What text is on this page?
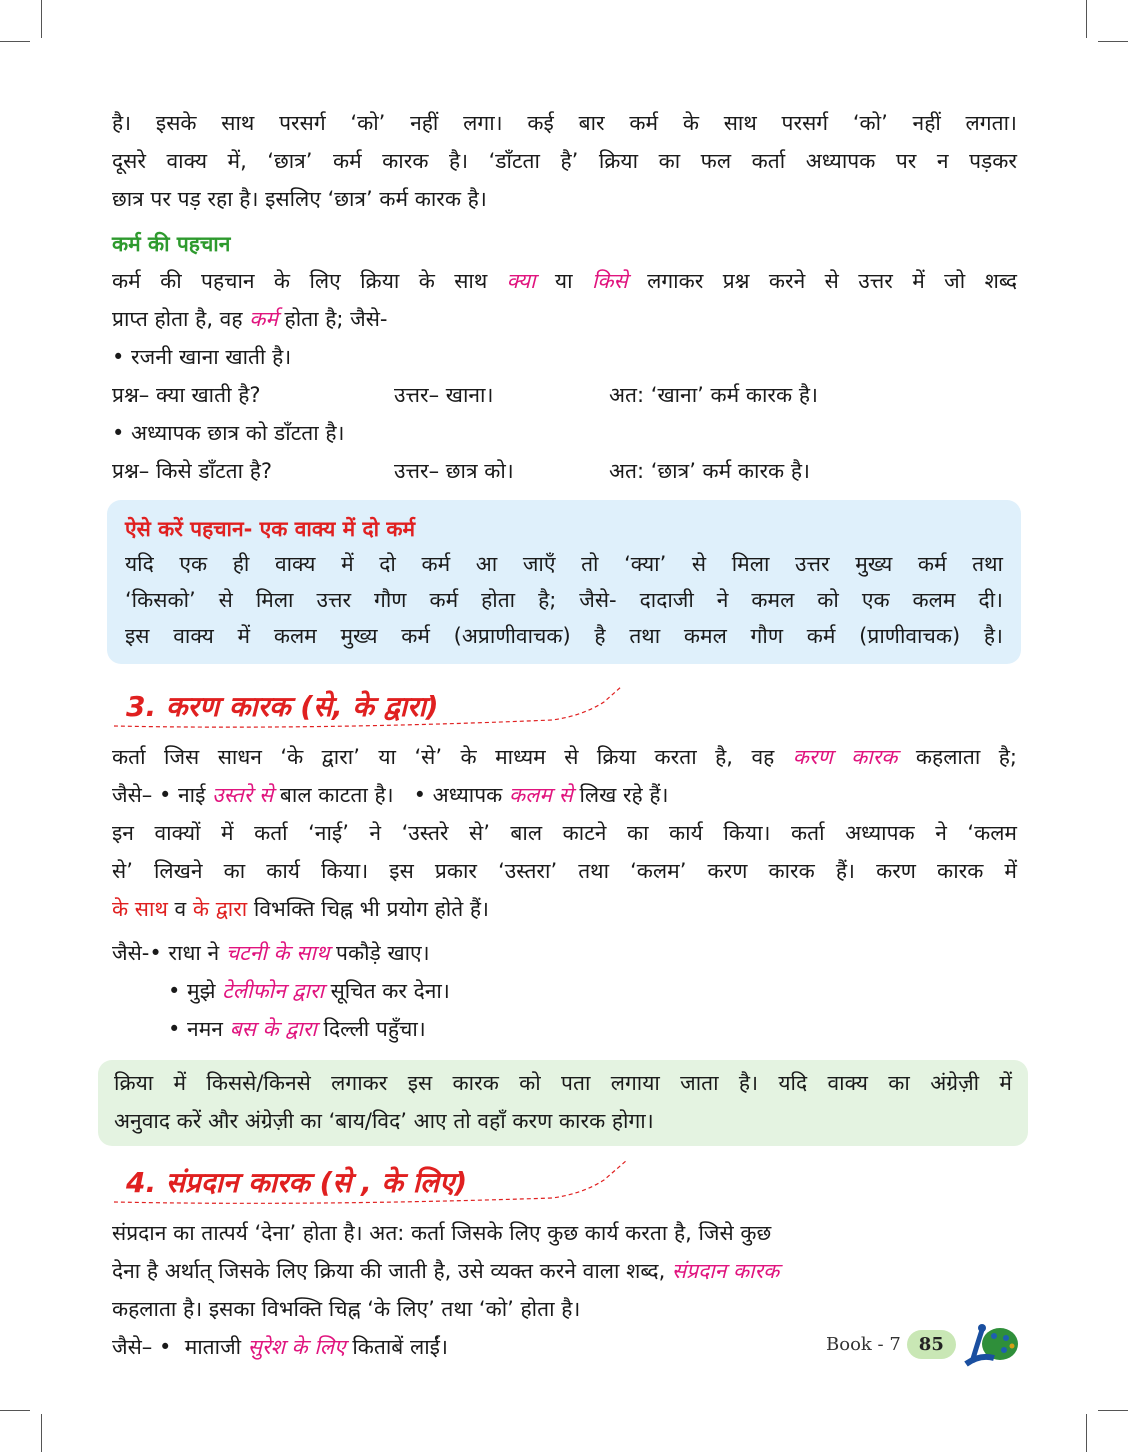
है। इसके साथ परसर्ग ‘को’ नहीं लगा। कई बार कर्म के साथ परसर्ग ‘को’ नहीं लगता।
दूसरे वाक्य में, ‘छात्र’ कर्म कारक है। ‘डाँटता है’ क्रिया का फल कर्ता अध्यापक पर न पड़कर
छात्र पर पड़ रहा है। इसलिए ‘छात्र’ कर्म कारक है।
कर्म की पहचान
कर्म की पहचान के लिए क्रिया के साथ क्या या किसे लगाकर प्रश्न करने से उत्तर में जो शब्द
प्राप्त होता है, वह कर्म होता है; जैसे-
• रजनी खाना खाती है।
प्रश्न– क्या खाती है?	उत्तर– खाना।	अत: ‘खाना’ कर्म कारक है।
• अध्यापक छात्र को डाँटता है।
प्रश्न– किसे डाँटता है?	उत्तर– छात्र को।	अत: ‘छात्र’ कर्म कारक है।
ऐसे करें पहचान- एक वाक्य में दो कर्म
यदि एक ही वाक्य में दो कर्म आ जाएँ तो ‘क्या’ से मिला उत्तर मुख्य कर्म तथा
‘किसको’ से मिला उत्तर गौण कर्म होता है; जैसे- दादाजी ने कमल को एक कलम दी।
इस वाक्य में कलम मुख्य कर्म (अप्राणीवाचक) है तथा कमल गौण कर्म (प्राणीवाचक) है।
3. करण कारक (से, के द्वारा)
कर्ता जिस साधन ‘के द्वारा’ या ‘से’ के माध्यम से क्रिया करता है, वह करण कारक कहलाता है;
जैसे– • नाई उस्तरे से बाल काटता है।   • अध्यापक कलम से लिख रहे हैं।
इन वाक्यों में कर्ता ‘नाई’ ने ‘उस्तरे से’ बाल काटने का कार्य किया। कर्ता अध्यापक ने ‘कलम
से’ लिखने का कार्य किया। इस प्रकार ‘उस्तरा’ तथा ‘कलम’ करण कारक हैं। करण कारक में
के साथ व के द्वारा विभक्ति चिह्न भी प्रयोग होते हैं।
जैसे-• राधा ने चटनी के साथ पकौड़े खाए।
• मुझे टेलीफोन द्वारा सूचित कर देना।
• नमन बस के द्वारा दिल्ली पहुँचा।
क्रिया में किससे/किनसे लगाकर इस कारक को पता लगाया जाता है। यदि वाक्य का अंग्रेज़ी में
अनुवाद करें और अंग्रेज़ी का ‘बाय/विद’ आए तो वहाँ करण कारक होगा।
4. संप्रदान कारक (से , के लिए)
संप्रदान का तात्पर्य ‘देना’ होता है। अत: कर्ता जिसके लिए कुछ कार्य करता है, जिसे कुछ
देना है अर्थात् जिसके लिए क्रिया की जाती है, उसे व्यक्त करने वाला शब्द, संप्रदान कारक
कहलाता है। इसका विभक्ति चिह्न ‘के लिए’ तथा ‘को’ होता है।
जैसे– •  माताजी सुरेश के लिए किताबें लाईं।	Book - 7	85
